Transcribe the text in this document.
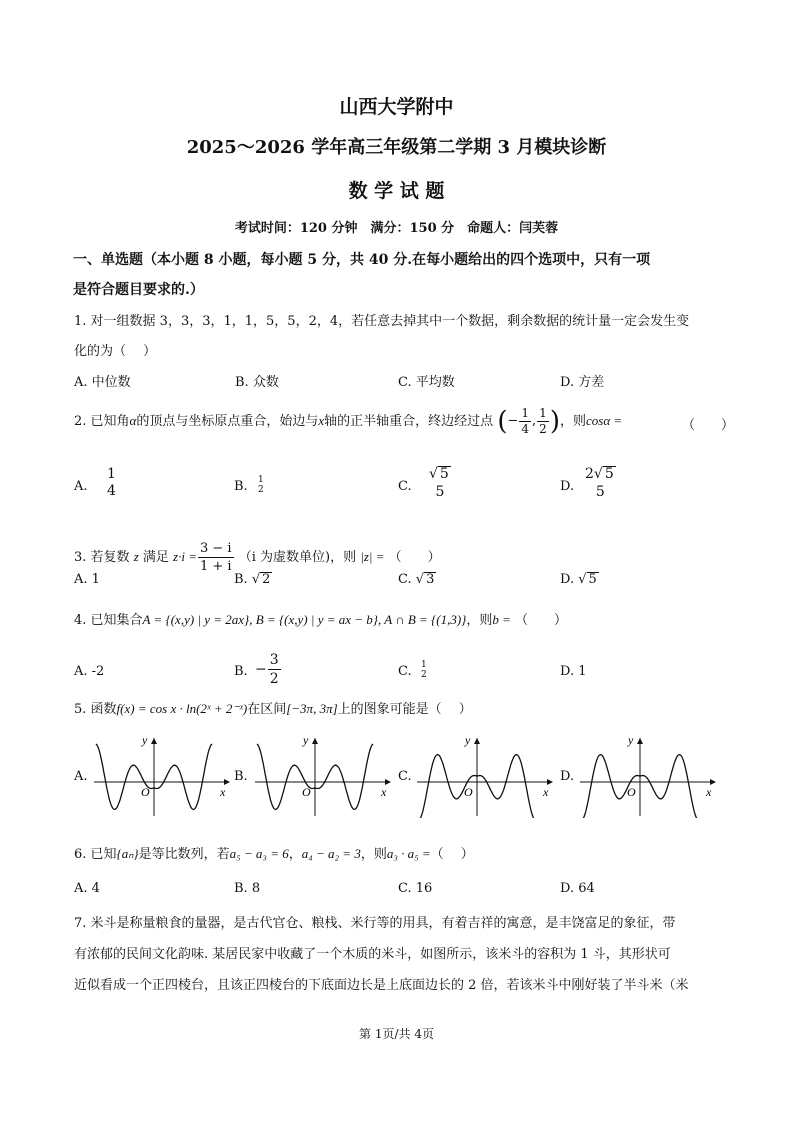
山西大学附中
2025～2026 学年高三年级第二学期 3 月模块诊断
数 学 试 题
考试时间：120 分钟　满分：150 分　命题人：闫芙蓉
一、单选题（本小题 8 小题，每小题 5 分，共 40 分.在每小题给出的四个选项中，只有一项
是符合题目要求的.）
1. 对一组数据 3，3，3，1，1，5，5，2，4，若任意去掉其中一个数据，剩余数据的统计量一定会发生变
化的为（　 ）
A. 中位数	B. 众数	C. 平均数	D. 方差
2. 已知角α的顶点与坐标原点重合，始边与x轴的正半轴重合，终边经过点 (− $\frac{1}{4}$ , $\frac{1}{2}$ )，则cosα =	（　　）
A.
1
4	B. 1
2	C.
√ 5
5	D.
2√ 5
5
3. 若复数 z 满足 $z\cdot i = \frac{3 - i}{1 + i} (i$ 为虚数单位)，则 |z| = （　　）
A. 1	B. √ 2	C. √ 3	D. √ 5
4. 已知集合A = {(x,y) | y = 2ax}, B = {(x,y) | y = ax − b}, A ∩ B = {(1,3)}，则b = （　　）
A. -2	B. − $\frac{3}{2}$	C. 1
2	D. 1
5. 函数f(x) = cos x · ln(2ˣ + 2⁻ˣ)在区间[−3π, 3π]上的图象可能是（　 ）
A.	B.	C.	D.
x
y
O	x
y
O	x
y
O	x
y
O
6. 已知{aₙ}是等比数列，若a₅ − a₃ = 6，a₄ − a₂ = 3，则a₃ · a₅ =（　 ）
A. 4	B. 8	C. 16	D. 64
7. 米斗是称量粮食的量器，是古代官仓、粮栈、米行等的用具，有着吉祥的寓意，是丰饶富足的象征，带
有浓郁的民间文化韵味. 某居民家中收藏了一个木质的米斗，如图所示，该米斗的容积为 1 斗，其形状可
近似看成一个正四棱台，且该正四棱台的下底面边长是上底面边长的 2 倍，若该米斗中刚好装了半斗米（米
第 1页/共 4页
